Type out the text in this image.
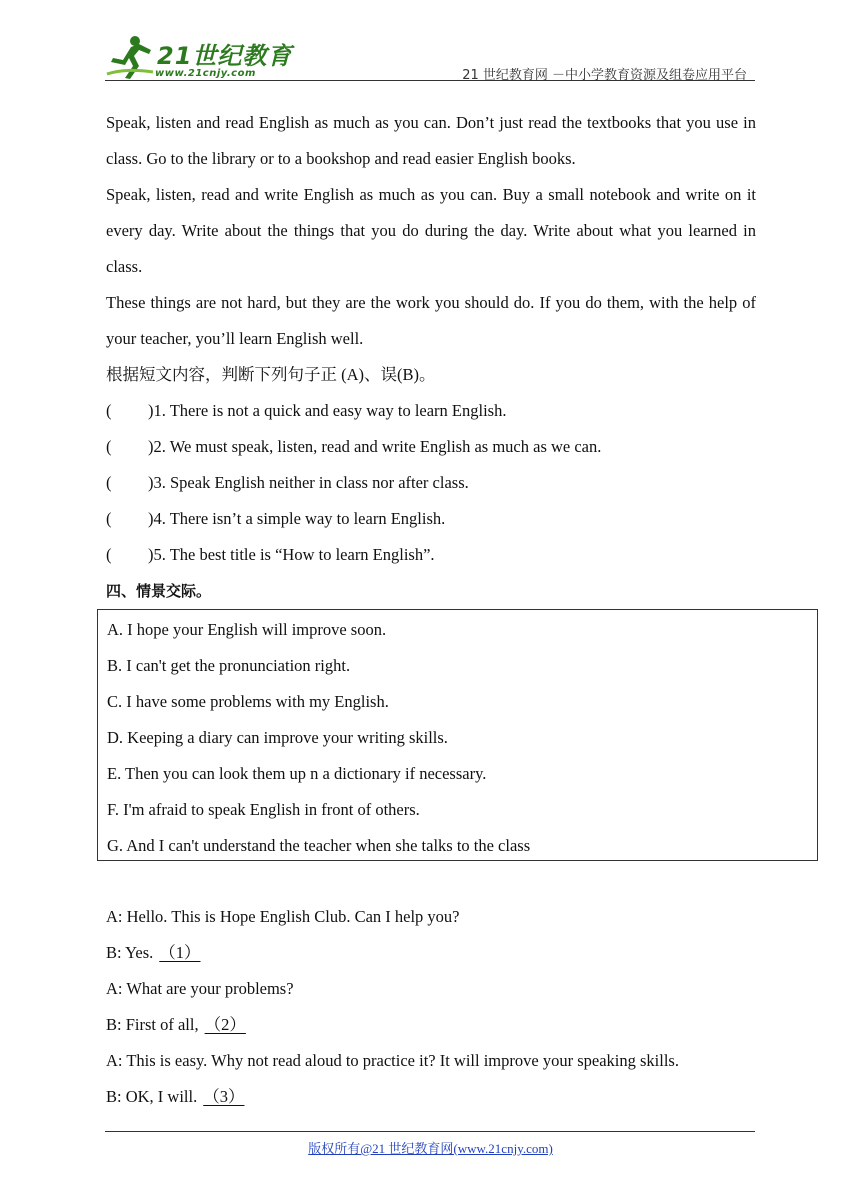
21世纪教育
www.21cnjy.com	21 世纪教育网 －中小学教育资源及组卷应用平台
Speak, listen and read English as much as you can. Don’t just read the textbooks that you use in class. Go to the library or to a bookshop and read easier English books.
Speak, listen, read and write English as much as you can. Buy a small notebook and write on it every day. Write about the things that you do during the day. Write about what you learned in class.
These things are not hard, but they are the work you should do. If you do them, with the help of your teacher, you’ll learn English well.
根据短文内容，判断下列句子正 (A)、误(B)。
( )1. There is not a quick and easy way to learn English.
( )2. We must speak, listen, read and write English as much as we can.
( )3. Speak English neither in class nor after class.
( )4. There isn’t a simple way to learn English.
( )5. The best title is “How to learn English”.
四、情景交际。
A. I hope your English will improve soon.
B. I can't get the pronunciation right.
C. I have some problems with my English.
D. Keeping a diary can improve your writing skills.
E. Then you can look them up n a dictionary if necessary.
F. I'm afraid to speak English in front of others.
G. And I can't understand the teacher when she talks to the class
A: Hello. This is Hope English Club. Can I help you?
B: Yes. （1）
A: What are your problems?
B: First of all, （2）
A: This is easy. Why not read aloud to practice it? It will improve your speaking skills.
B: OK, I will. （3）
版权所有@21 世纪教育网(www.21cnjy.com)
